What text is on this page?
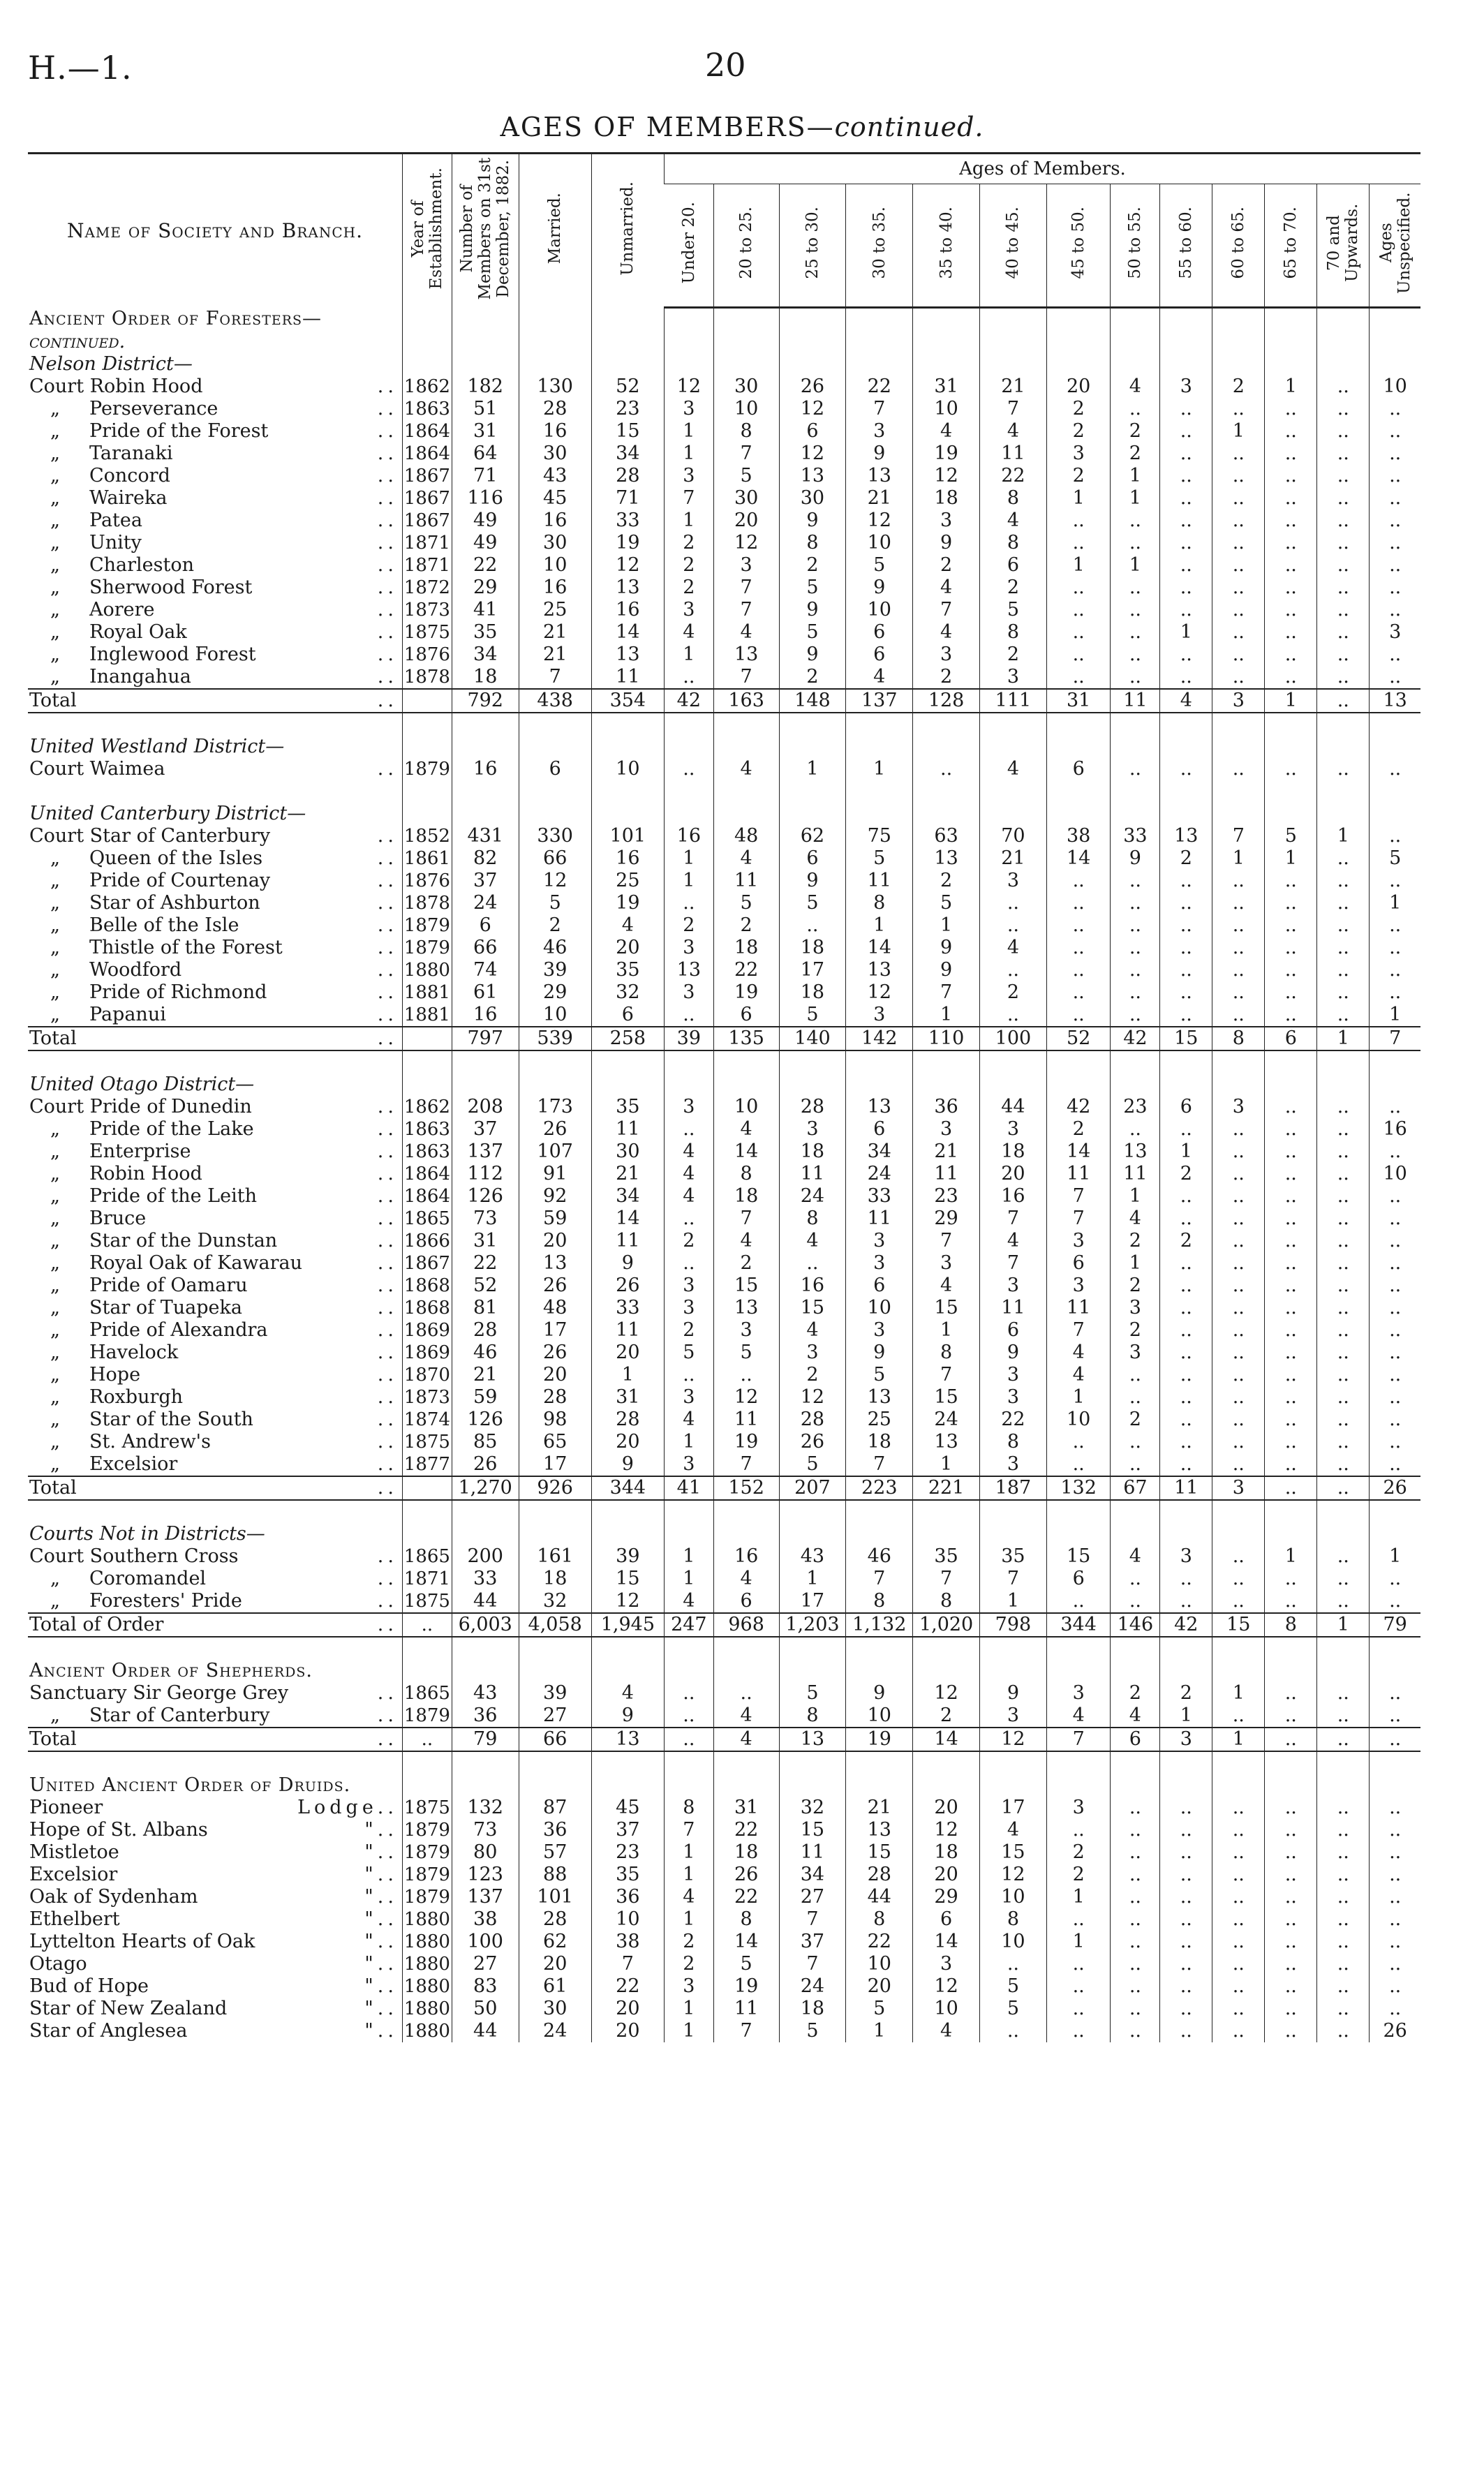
H.—1.	20
AGES OF MEMBERS—continued.
Name of Society and Branch.	Year of Establishment.	Number of Members on 31st December, 1882.	Married.	Unmarried.	Ages of Members.												
					Under 20.	20 to 25.	25 to 30.	30 to 35.	35 to 40.	40 to 45.	45 to 50.	50 to 55.	55 to 60.	60 to 65.	65 to 70.	70 and Upwards.	Ages Unspecified.
Ancient Order of Foresters—																	
continued.																	
Nelson District—																	
Court Robin Hood ..	1862	182	130	52	12	30	26	22	31	21	20	4	3	2	1	..	10
„ Perseverance ..	1863	51	28	23	3	10	12	7	10	7	2	..	..	..	..	..	..
„ Pride of the Forest ..	1864	31	16	15	1	8	6	3	4	4	2	2	..	1	..	..	..
„ Taranaki ..	1864	64	30	34	1	7	12	9	19	11	3	2	..	..	..	..	..
„ Concord ..	1867	71	43	28	3	5	13	13	12	22	2	1	..	..	..	..	..
„ Waireka ..	1867	116	45	71	7	30	30	21	18	8	1	1	..	..	..	..	..
„ Patea ..	1867	49	16	33	1	20	9	12	3	4	..	..	..	..	..	..	..
„ Unity ..	1871	49	30	19	2	12	8	10	9	8	..	..	..	..	..	..	..
„ Charleston ..	1871	22	10	12	2	3	2	5	2	6	1	1	..	..	..	..	..
„ Sherwood Forest ..	1872	29	16	13	2	7	5	9	4	2	..	..	..	..	..	..	..
„ Aorere ..	1873	41	25	16	3	7	9	10	7	5	..	..	..	..	..	..	..
„ Royal Oak ..	1875	35	21	14	4	4	5	6	4	8	..	..	1	..	..	..	3
„ Inglewood Forest ..	1876	34	21	13	1	13	9	6	3	2	..	..	..	..	..	..	..
„ Inangahua ..	1878	18	7	11	..	7	2	4	2	3	..	..	..	..	..	..	..
Total ..		792	438	354	42	163	148	137	128	111	31	11	4	3	1	..	13

United Westland District—																	
Court Waimea ..	1879	16	6	10	..	4	1	1	..	4	6	..	..	..	..	..	..

United Canterbury District—																	
Court Star of Canterbury ..	1852	431	330	101	16	48	62	75	63	70	38	33	13	7	5	1	..
„ Queen of the Isles ..	1861	82	66	16	1	4	6	5	13	21	14	9	2	1	1	..	5
„ Pride of Courtenay ..	1876	37	12	25	1	11	9	11	2	3	..	..	..	..	..	..	..
„ Star of Ashburton ..	1878	24	5	19	..	5	5	8	5	..	..	..	..	..	..	..	1
„ Belle of the Isle ..	1879	6	2	4	2	2	..	1	1	..	..	..	..	..	..	..	..
„ Thistle of the Forest ..	1879	66	46	20	3	18	18	14	9	4	..	..	..	..	..	..	..
„ Woodford ..	1880	74	39	35	13	22	17	13	9	..	..	..	..	..	..	..	..
„ Pride of Richmond ..	1881	61	29	32	3	19	18	12	7	2	..	..	..	..	..	..	..
„ Papanui ..	1881	16	10	6	..	6	5	3	1	..	..	..	..	..	..	..	1
Total ..		797	539	258	39	135	140	142	110	100	52	42	15	8	6	1	7

United Otago District—																	
Court Pride of Dunedin ..	1862	208	173	35	3	10	28	13	36	44	42	23	6	3	..	..	..
„ Pride of the Lake ..	1863	37	26	11	..	4	3	6	3	3	2	..	..	..	..	..	16
„ Enterprise ..	1863	137	107	30	4	14	18	34	21	18	14	13	1	..	..	..	..
„ Robin Hood ..	1864	112	91	21	4	8	11	24	11	20	11	11	2	..	..	..	10
„ Pride of the Leith ..	1864	126	92	34	4	18	24	33	23	16	7	1	..	..	..	..	..
„ Bruce ..	1865	73	59	14	..	7	8	11	29	7	7	4	..	..	..	..	..
„ Star of the Dunstan ..	1866	31	20	11	2	4	4	3	7	4	3	2	2	..	..	..	..
„ Royal Oak of Kawarau ..	1867	22	13	9	..	2	..	3	3	7	6	1	..	..	..	..	..
„ Pride of Oamaru ..	1868	52	26	26	3	15	16	6	4	3	3	2	..	..	..	..	..
„ Star of Tuapeka ..	1868	81	48	33	3	13	15	10	15	11	11	3	..	..	..	..	..
„ Pride of Alexandra ..	1869	28	17	11	2	3	4	3	1	6	7	2	..	..	..	..	..
„ Havelock ..	1869	46	26	20	5	5	3	9	8	9	4	3	..	..	..	..	..
„ Hope ..	1870	21	20	1	..	..	2	5	7	3	4	..	..	..	..	..	..
„ Roxburgh ..	1873	59	28	31	3	12	12	13	15	3	1	..	..	..	..	..	..
„ Star of the South ..	1874	126	98	28	4	11	28	25	24	22	10	2	..	..	..	..	..
„ St. Andrew's ..	1875	85	65	20	1	19	26	18	13	8	..	..	..	..	..	..	..
„ Excelsior ..	1877	26	17	9	3	7	5	7	1	3	..	..	..	..	..	..	..
Total ..		1,270	926	344	41	152	207	223	221	187	132	67	11	3	..	..	26

Courts Not in Districts—																	
Court Southern Cross ..	1865	200	161	39	1	16	43	46	35	35	15	4	3	..	1	..	1
„ Coromandel ..	1871	33	18	15	1	4	1	7	7	7	6	..	..	..	..	..	..
„ Foresters' Pride ..	1875	44	32	12	4	6	17	8	8	1	..	..	..	..	..	..	..
Total of Order ..	..	6,003	4,058	1,945	247	968	1,203	1,132	1,020	798	344	146	42	15	8	1	79

Ancient Order of Shepherds.																	
Sanctuary Sir George Grey ..	1865	43	39	4	..	..	5	9	12	9	3	2	2	1	..	..	..
„ Star of Canterbury ..	1879	36	27	9	..	4	8	10	2	3	4	4	1	..	..	..	..
Total ..	..	79	66	13	..	4	13	19	14	12	7	6	3	1	..	..	..

United Ancient Order of Druids.																	
Pioneer Lodge..	1875	132	87	45	8	31	32	21	20	17	3	..	..	..	..	..	..
Hope of St. Albans "..	1879	73	36	37	7	22	15	13	12	4	..	..	..	..	..	..	..
Mistletoe "..	1879	80	57	23	1	18	11	15	18	15	2	..	..	..	..	..	..
Excelsior "..	1879	123	88	35	1	26	34	28	20	12	2	..	..	..	..	..	..
Oak of Sydenham "..	1879	137	101	36	4	22	27	44	29	10	1	..	..	..	..	..	..
Ethelbert "..	1880	38	28	10	1	8	7	8	6	8	..	..	..	..	..	..	..
Lyttelton Hearts of Oak "..	1880	100	62	38	2	14	37	22	14	10	1	..	..	..	..	..	..
Otago "..	1880	27	20	7	2	5	7	10	3	..	..	..	..	..	..	..	..
Bud of Hope "..	1880	83	61	22	3	19	24	20	12	5	..	..	..	..	..	..	..
Star of New Zealand "..	1880	50	30	20	1	11	18	5	10	5	..	..	..	..	..	..	..
Star of Anglesea "..	1880	44	24	20	1	7	5	1	4	..	..	..	..	..	..	..	26
